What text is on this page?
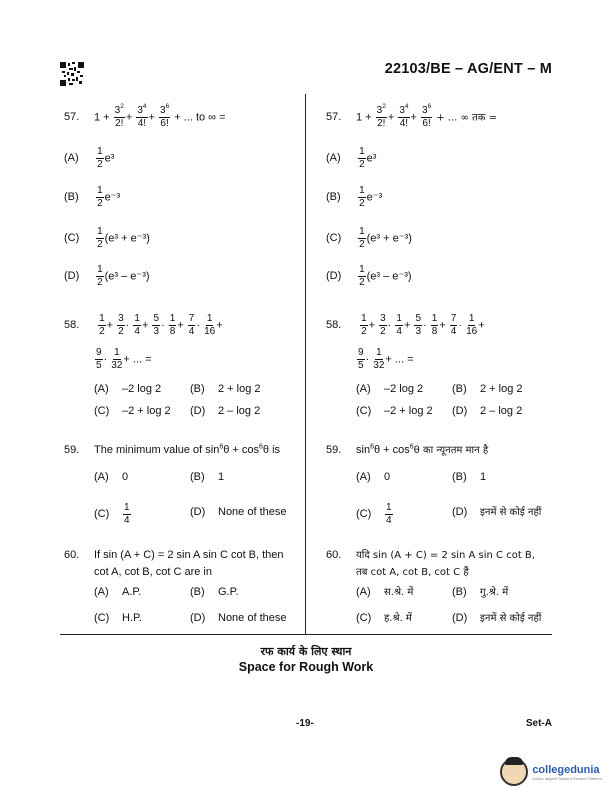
22103/BE – AG/ENT – M
57. $1 + \frac{3^2}{2!} + \frac{3^4}{4!} + \frac{3^6}{6!}$ + ... to ∞ =
$(A) \frac{1}{2} e^3$
$(B) \frac{1}{2} e^{-3}$
$(C) \frac{1}{2} (e^3 + e^{-3})$
$(D) \frac{1}{2} (e^3 - e^{-3})$
58. $\frac{1}{2} + \frac{3}{2} \cdot \frac{1}{4} + \frac{5}{3} \cdot \frac{1}{8} + \frac{7}{4} \cdot \frac{1}{16}$ +
$\frac{9}{5} \cdot \frac{1}{32}$ + ... =
(A) –2 log 2	(B) 2 + log 2
(C) –2 + log 2 (D) 2 – log 2
59. The minimum value of $\sin^6\theta + \cos^6\theta$ is
(A) 0	(B) 1
$(C) \frac{1}{4}$	(D) None of these
60. If sin (A + C) = 2 sin A sin C cot B, then
cot A, cot B, cot C are in
(A) A.P.	(B) G.P.
(C) H.P.	(D) None of these
57. $1 + \frac{3^2}{2!} + \frac{3^4}{4!} + \frac{3^6}{6!}$ + ... ∞ तक =
$(A) \frac{1}{2} e^3$
$(B) \frac{1}{2} e^{-3}$
$(C) \frac{1}{2} (e^3 + e^{-3})$
$(D) \frac{1}{2} (e^3 - e^{-3})$
58. $\frac{1}{2} + \frac{3}{2} \cdot \frac{1}{4} + \frac{5}{3} \cdot \frac{1}{8} + \frac{7}{4} \cdot \frac{1}{16}$ +
$\frac{9}{5} \cdot \frac{1}{32}$ + ... =
(A) –2 log 2	(B) 2 + log 2
(C) –2 + log 2 (D) 2 – log 2
59. $\sin^6\theta + \cos^6\theta$ का न्यूनतम मान है
(A) 0	(B) 1
$(C) \frac{1}{4}$	(D) इनमें से कोई नहीं
60. यदि sin (A + C) = 2 sin A sin C cot B,
तब cot A, cot B, cot C हैं
(A) स.श्रे. में	(B) गु.श्रे. में
(C) ह.श्रे. में	(D) इनमें से कोई नहीं
रफ कार्य के लिए स्थान
Space for Rough Work
-19-	Set-A
collegedunia
India's largest Student Review Platform
